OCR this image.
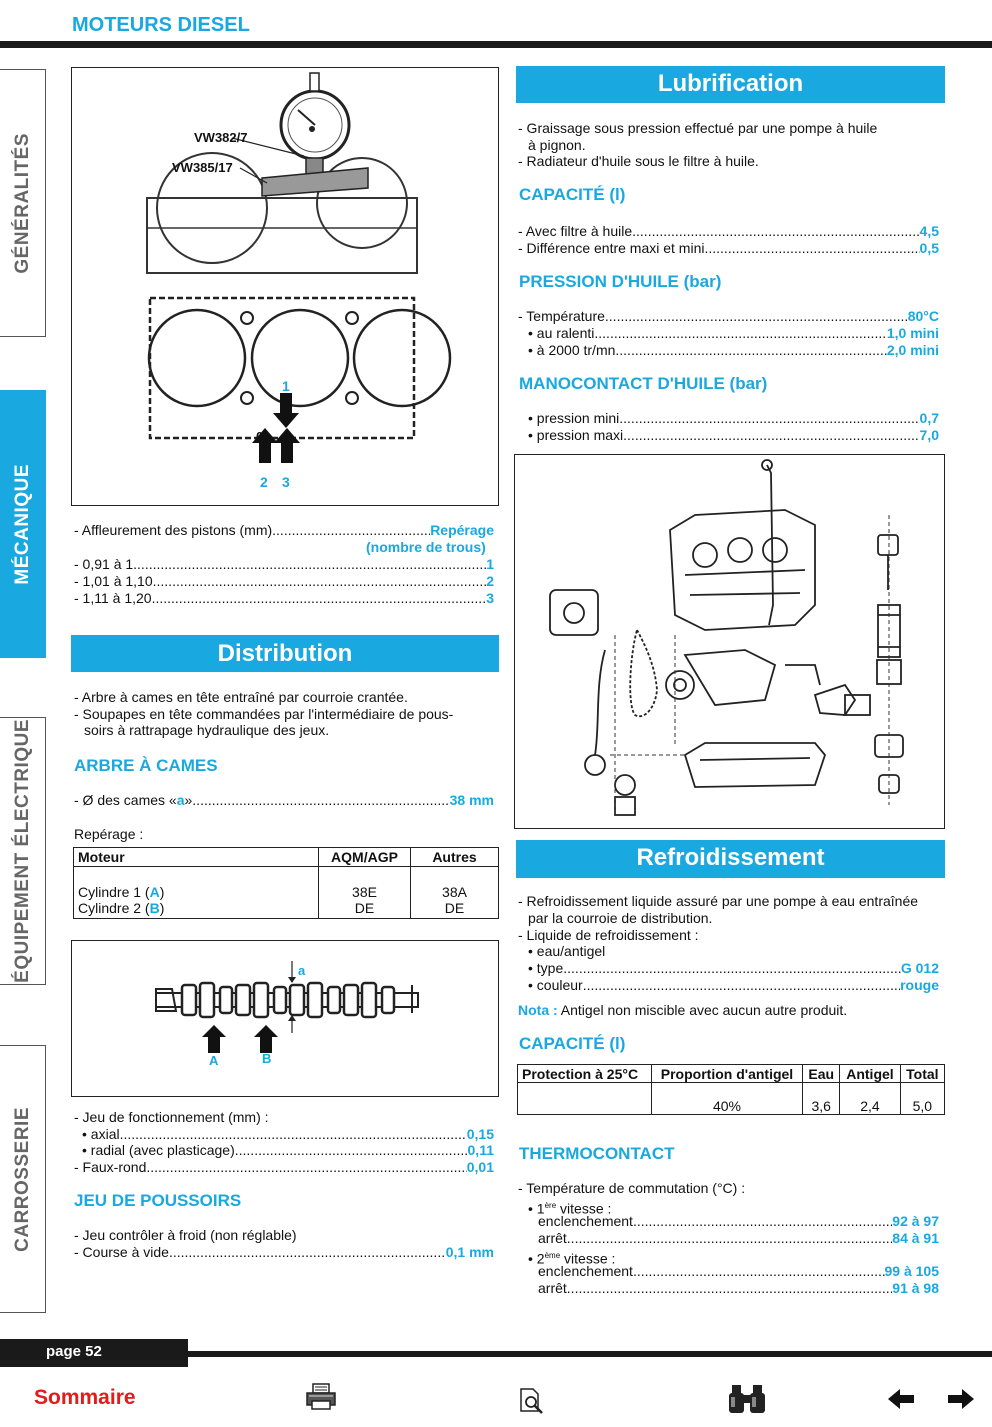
MOTEURS DIESEL
GÉNÉRALITÉS
MÉCANIQUE
ÉQUIPEMENT ÉLECTRIQUE
CARROSSERIE
VW382/7
VW385/17
1
00
2 3
- Affleurement des pistons (mm) .....	Repérage
(nombre de trous)
- 0,91 à 1 .....	1
- 1,01 à 1,10 .....	2
- 1,11 à 1,20 .....	3
Distribution
- Arbre à cames en tête entraîné par courroie crantée.
- Soupapes en tête commandées par l'intermédiaire de pous-
soirs à rattrapage hydraulique des jeux.
ARBRE À CAMES
- Ø des cames «a» .....	38 mm
Repérage :
Moteur	AQM/AGP	Autres
Cylindre 1 (A)	38E	38A
Cylindre 2 (B)	DE	DE
a
A	B
- Jeu de fonctionnement (mm) :
• axial .....	0,15
• radial (avec plasticage) .....	0,11
- Faux-rond .....	0,01
JEU DE POUSSOIRS
- Jeu contrôler à froid (non réglable)
- Course à vide .....	0,1 mm
Lubrification
- Graissage sous pression effectué par une pompe à huile
à pignon.
- Radiateur d'huile sous le filtre à huile.
CAPACITÉ (l)
- Avec filtre à huile .....	4,5
- Différence entre maxi et mini .....	0,5
PRESSION D'HUILE (bar)
- Température .....	80°C
• au ralenti .....	1,0 mini
• à 2000 tr/mn .....	2,0 mini
MANOCONTACT D'HUILE (bar)
• pression mini. .....	0,7
• pression maxi .....	7,0
Refroidissement
- Refroidissement liquide assuré par une pompe à eau entraînée
par la courroie de distribution.
- Liquide de refroidissement :
• eau/antigel
• type .....	G 012
• couleur .....	rouge
Nota : Antigel non miscible avec aucun autre produit.
CAPACITÉ (l)
Protection à 25°C	Proportion d'antigel	Eau	Antigel	Total
	40%	3,6	2,4	5,0
THERMOCONTACT
- Température de commutation (°C) :
• 1ère vitesse :
enclenchement .....	92 à 97
arrêt .....	84 à 91
• 2ème vitesse :
enclenchement .....	99 à 105
arrêt .....	91 à 98
page 52
Sommaire
